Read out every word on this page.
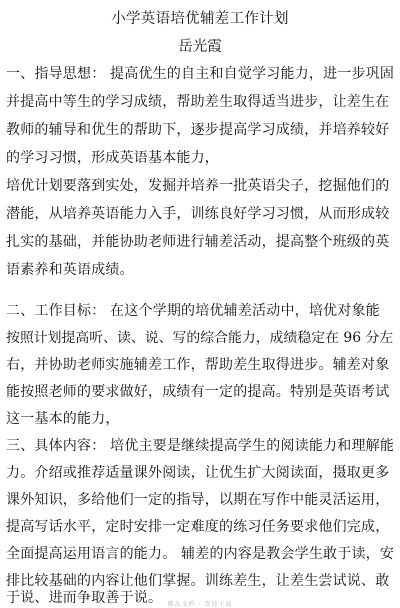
小学英语培优辅差工作计划
岳光霞
一、指导思想： 提高优生的自主和自觉学习能力，进一步巩固
并提高中等生的学习成绩，帮助差生取得适当进步，让差生在
教师的辅导和优生的帮助下，逐步提高学习成绩，并培养较好
的学习习惯，形成英语基本能力，
培优计划要落到实处，发掘并培养一批英语尖子，挖掘他们的
潜能，从培养英语能力入手，训练良好学习习惯，从而形成较
扎实的基础，并能协助老师进行辅差活动，提高整个班级的英
语素养和英语成绩。
二、工作目标： 在这个学期的培优辅差活动中，培优对象能
按照计划提高听、读、说、写的综合能力，成绩稳定在 96 分左
右，并协助老师实施辅差工作，帮助差生取得进步。辅差对象
能按照老师的要求做好，成绩有一定的提高。特别是英语考试
这一基本的能力，
三、具体内容： 培优主要是继续提高学生的阅读能力和理解能
力。介绍或推荐适量课外阅读，让优生扩大阅读面，摄取更多
课外知识，多给他们一定的指导，以期在写作中能灵活运用，
提高写话水平，定时安排一定难度的练习任务要求他们完成，
全面提高运用语言的能力。 辅差的内容是教会学生敢于读，安
排比较基础的内容让他们掌握。训练差生，让差生尝试说、敢
于说、进而争取善于说。 精品文档 · 欢迎下载
